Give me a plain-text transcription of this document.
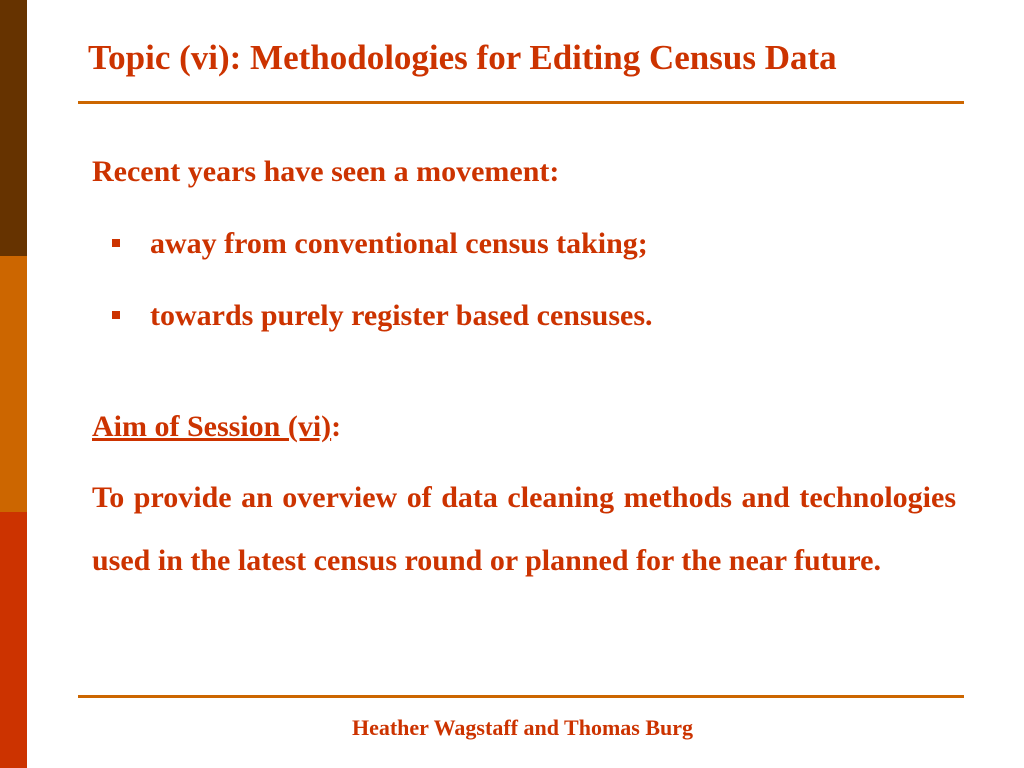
Topic (vi): Methodologies for Editing Census Data
Recent years have seen a movement:
away from conventional census taking;
towards purely register based censuses.
Aim of Session (vi):
To provide an overview of data cleaning methods and technologies used in the latest census round or planned for the near future.
Heather Wagstaff and Thomas Burg
